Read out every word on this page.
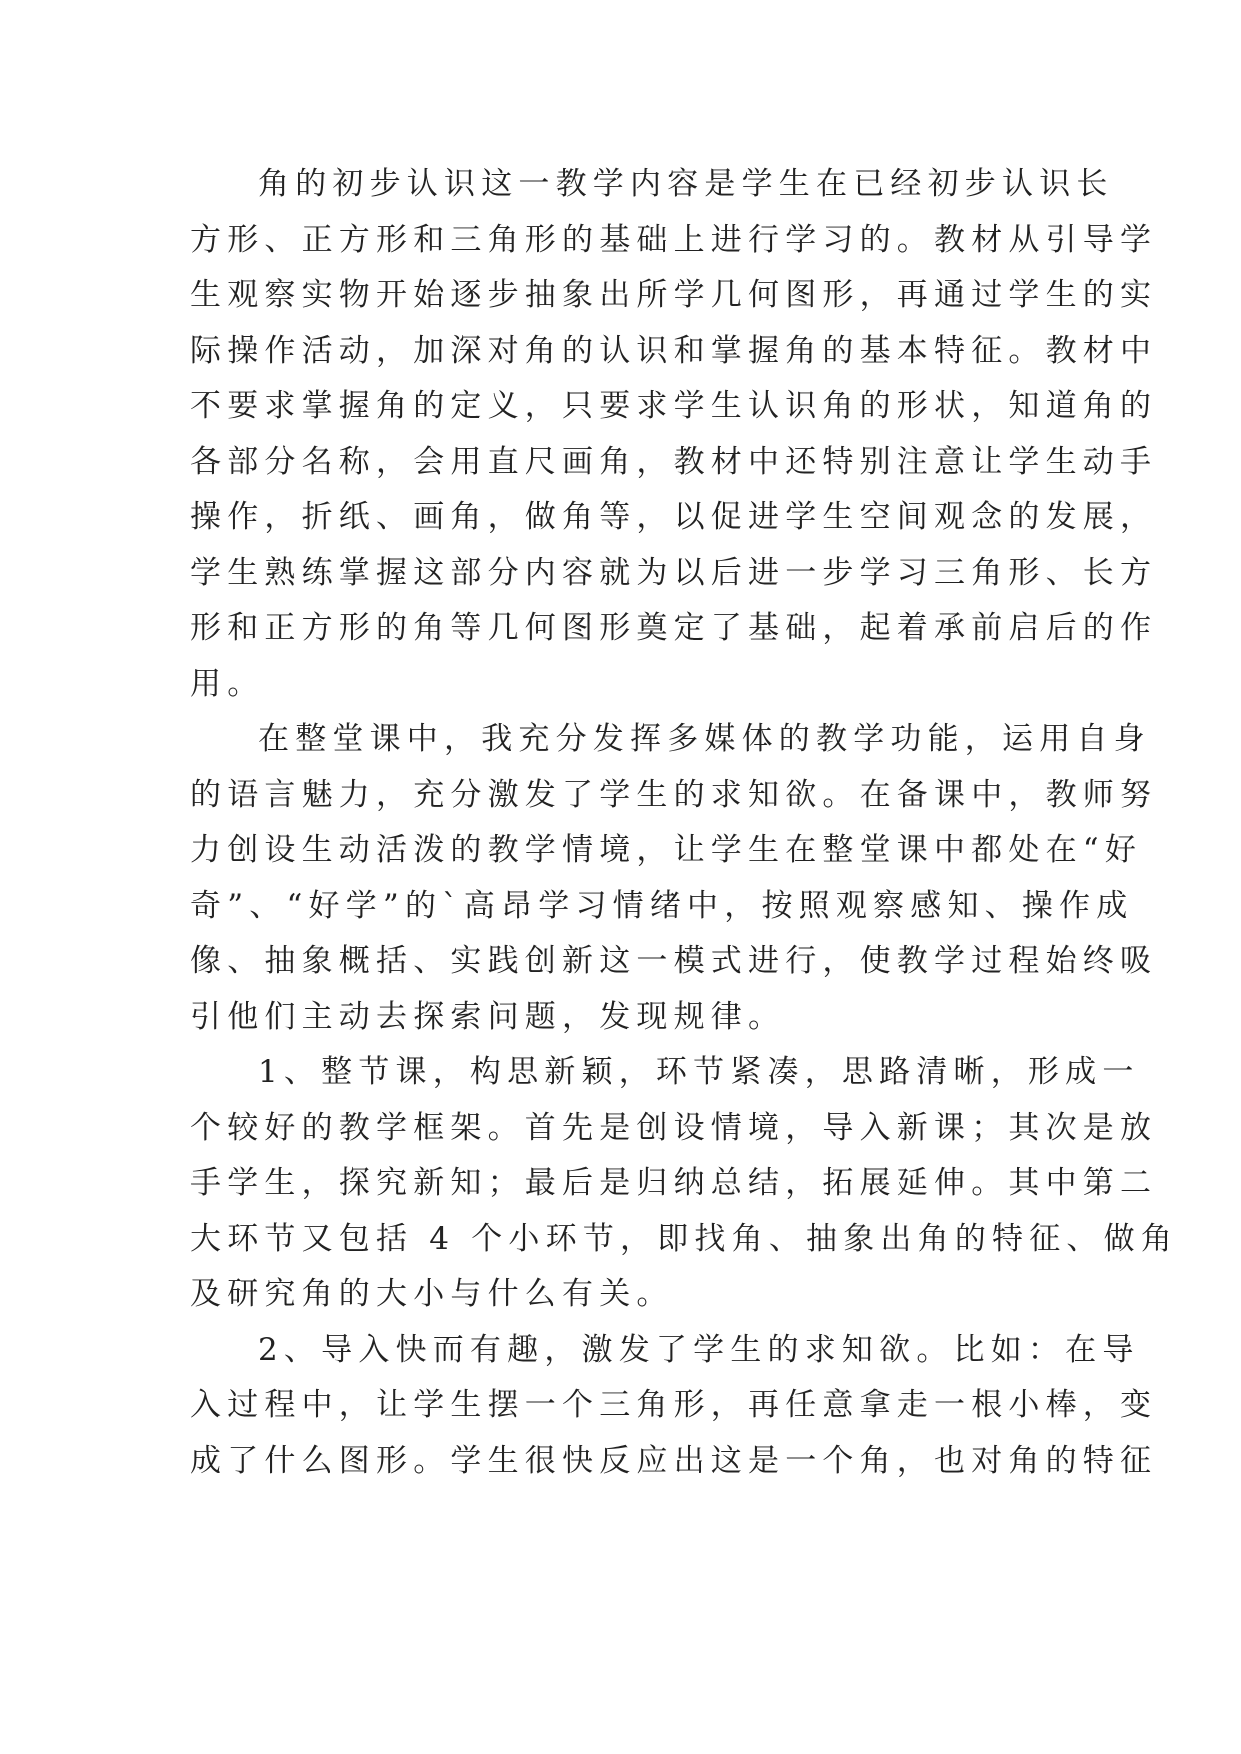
角的初步认识这一教学内容是学生在已经初步认识长
方形、正方形和三角形的基础上进行学习的。教材从引导学
生观察实物开始逐步抽象出所学几何图形，再通过学生的实
际操作活动，加深对角的认识和掌握角的基本特征。教材中
不要求掌握角的定义，只要求学生认识角的形状，知道角的
各部分名称，会用直尺画角，教材中还特别注意让学生动手
操作，折纸、画角，做角等，以促进学生空间观念的发展，
学生熟练掌握这部分内容就为以后进一步学习三角形、长方
形和正方形的角等几何图形奠定了基础，起着承前启后的作
用。

在整堂课中，我充分发挥多媒体的教学功能，运用自身
的语言魅力，充分激发了学生的求知欲。在备课中，教师努
力创设生动活泼的教学情境，让学生在整堂课中都处在“好
奇”、“好学”的`高昂学习情绪中，按照观察感知、操作成
像、抽象概括、实践创新这一模式进行，使教学过程始终吸
引他们主动去探索问题，发现规律。

1、整节课，构思新颖，环节紧凑，思路清晰，形成一
个较好的教学框架。首先是创设情境，导入新课；其次是放
手学生，探究新知；最后是归纳总结，拓展延伸。其中第二
大环节又包括 4 个小环节，即找角、抽象出角的特征、做角
及研究角的大小与什么有关。

2、导入快而有趣，激发了学生的求知欲。比如：在导
入过程中，让学生摆一个三角形，再任意拿走一根小棒，变
成了什么图形。学生很快反应出这是一个角，也对角的特征
